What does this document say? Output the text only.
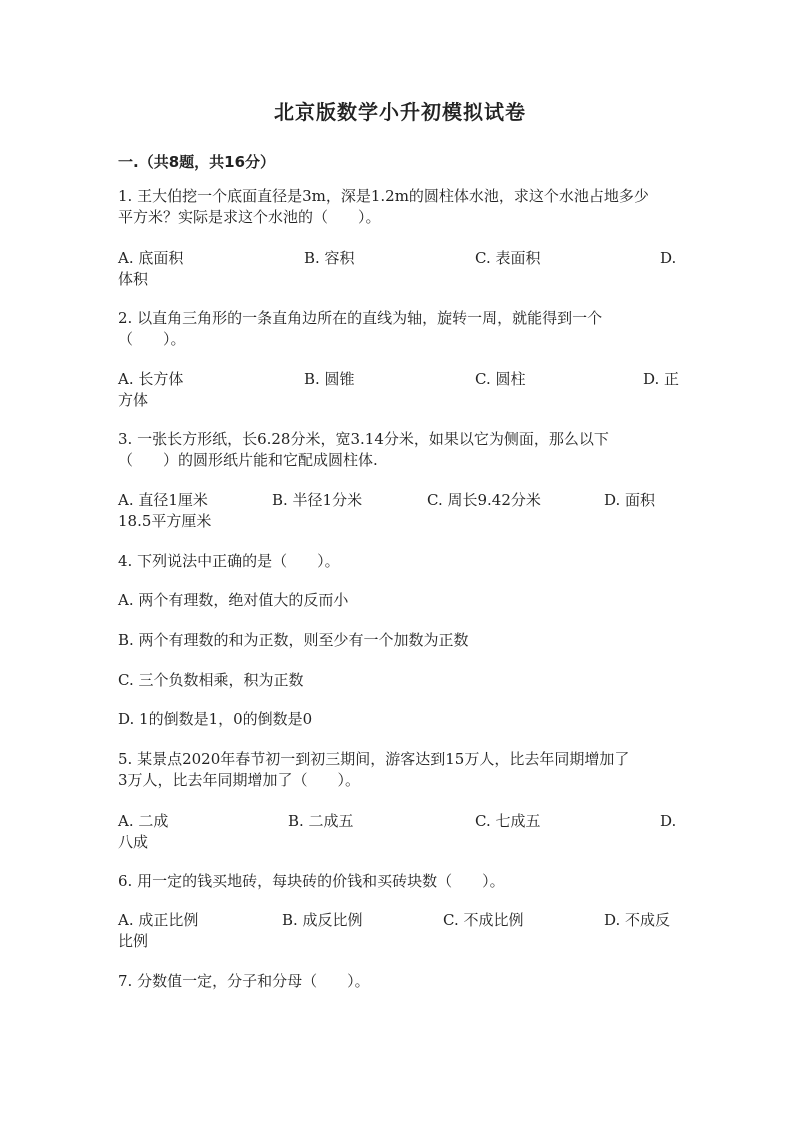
北京版数学小升初模拟试卷
一.（共8题，共16分）
1. 王大伯挖一个底面直径是3m，深是1.2m的圆柱体水池，求这个水池占地多少
平方米？实际是求这个水池的（　　）。
A. 底面积	B. 容积	C. 表面积	D.
体积
2. 以直角三角形的一条直角边所在的直线为轴，旋转一周，就能得到一个
（　　）。
A. 长方体	B. 圆锥	C. 圆柱	D. 正
方体
3. 一张长方形纸，长6.28分米，宽3.14分米，如果以它为侧面，那么以下
（　　）的圆形纸片能和它配成圆柱体.
A. 直径1厘米	B. 半径1分米	C. 周长9.42分米	D. 面积
18.5平方厘米
4. 下列说法中正确的是（　　）。
A. 两个有理数，绝对值大的反而小
B. 两个有理数的和为正数，则至少有一个加数为正数
C. 三个负数相乘，积为正数
D. 1的倒数是1，0的倒数是0
5. 某景点2020年春节初一到初三期间，游客达到15万人，比去年同期增加了
3万人，比去年同期增加了（　　）。
A. 二成	B. 二成五	C. 七成五	D.
八成
6. 用一定的钱买地砖，每块砖的价钱和买砖块数（　　）。
A. 成正比例	B. 成反比例	C. 不成比例	D. 不成反
比例
7. 分数值一定，分子和分母（　　）。
